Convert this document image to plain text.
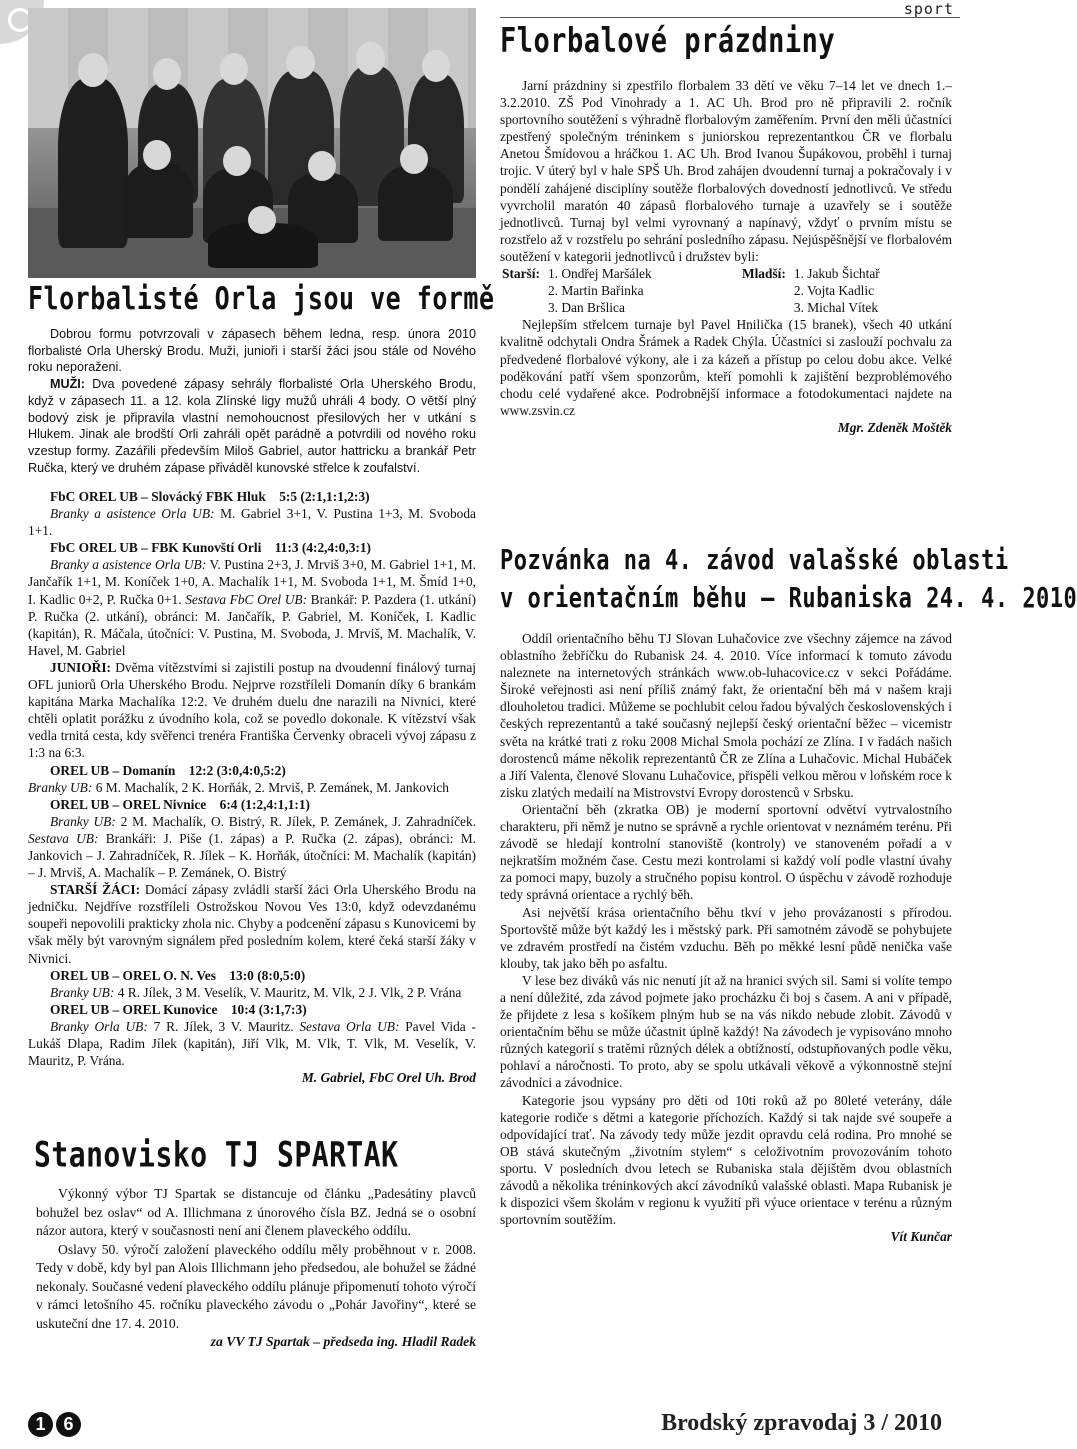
sport
Florbalisté Orla jsou ve formě

Dobrou formu potvrzovali v zápasech během ledna, resp. února 2010 florbalisté Orla Uherský Brodu. Muži, junioři i starší žáci jsou stále od Nového roku neporaženi.

MUŽI: Dva povedené zápasy sehrály florbalisté Orla Uherského Brodu, když v zápasech 11. a 12. kola Zlínské ligy mužů uhráli 4 body. O větší plný bodový zisk je připravila vlastní nemohoucnost přesilových her v utkání s Hlukem. Jinak ale brodští Orli zahráli opět parádně a potvrdili od nového roku vzestup formy. Zazářili především Miloš Gabriel, autor hattricku a brankář Petr Ručka, který ve druhém zápase přiváděl kunovské střelce k zoufalství.

FbC OREL UB – Slovácký FBK Hluk 5:5 (2:1,1:1,2:3)

Branky a asistence Orla UB: M. Gabriel 3+1, V. Pustina 1+3, M. Svoboda 1+1.

FbC OREL UB – FBK Kunovští Orli 11:3 (4:2,4:0,3:1)

Branky a asistence Orla UB: V. Pustina 2+3, J. Mrviš 3+0, M. Gabriel 1+1, M. Jančařík 1+1, M. Koníček 1+0, A. Machalík 1+1, M. Svoboda 1+1, M. Šmíd 1+0, I. Kadlic 0+2, P. Ručka 0+1. Sestava FbC Orel UB: Brankář: P. Pazdera (1. utkání) P. Ručka (2. utkání), obránci: M. Jančařík, P. Gabriel, M. Koníček, I. Kadlic (kapitán), R. Máčala, útočníci: V. Pustina, M. Svoboda, J. Mrviš, M. Machalík, V. Havel, M. Gabriel

JUNIOŘI: Dvěma vítězstvími si zajistili postup na dvoudenní finálový turnaj OFL juniorů Orla Uherského Brodu. Nejprve rozstříleli Domanín díky 6 brankám kapitána Marka Machalíka 12:2. Ve druhém duelu dne narazili na Nivnici, které chtěli oplatit porážku z úvodního kola, což se povedlo dokonale. K vítězství však vedla trnitá cesta, kdy svěřenci trenéra Františka Červenky obraceli vývoj zápasu z 1:3 na 6:3.

OREL UB – Domanín 12:2 (3:0,4:0,5:2)

Branky UB: 6 M. Machalík, 2 K. Horňák, 2. Mrviš, P. Zemánek, M. Jankovich

OREL UB – OREL Nivnice 6:4 (1:2,4:1,1:1)

Branky UB: 2 M. Machalík, O. Bistrý, R. Jílek, P. Zemánek, J. Zahradníček. Sestava UB: Brankáři: J. Piše (1. zápas) a P. Ručka (2. zápas), obránci: M. Jankovich – J. Zahradníček, R. Jílek – K. Horňák, útočníci: M. Machalík (kapitán) – J. Mrviš, A. Machalík – P. Zemánek, O. Bistrý

STARŠÍ ŽÁCI: Domácí zápasy zvládli starší žáci Orla Uherského Brodu na jedničku. Nejdříve rozstříleli Ostrožskou Novou Ves 13:0, když odevzdanému soupeři nepovolili prakticky zhola nic. Chyby a podcenění zápasu s Kunovicemi by však měly být varovným signálem před posledním kolem, které čeká starší žáky v Nivnici.

OREL UB – OREL O. N. Ves 13:0 (8:0,5:0)

Branky UB: 4 R. Jílek, 3 M. Veselík, V. Mauritz, M. Vlk, 2 J. Vlk, 2 P. Vrána

OREL UB – OREL Kunovice 10:4 (3:1,7:3)

Branky Orla UB: 7 R. Jílek, 3 V. Mauritz. Sestava Orla UB: Pavel Vida - Lukáš Dlapa, Radim Jílek (kapitán), Jiří Vlk, M. Vlk, T. Vlk, M. Veselík, V. Mauritz, P. Vrána.

M. Gabriel, FbC Orel Uh. Brod

Stanovisko TJ SPARTAK

Výkonný výbor TJ Spartak se distancuje od článku „Padesátiny plavců bohužel bez oslav“ od A. Illichmana z únorového čísla BZ. Jedná se o osobní názor autora, který v současnosti není ani členem plaveckého oddílu.

Oslavy 50. výročí založení plaveckého oddílu měly proběhnout v r. 2008. Tedy v době, kdy byl pan Alois Illichmann jeho předsedou, ale bohužel se žádné nekonaly. Současné vedení plaveckého oddílu plánuje připomenutí tohoto výročí v rámci letošního 45. ročníku plaveckého závodu o „Pohár Javořiny“, které se uskuteční dne 17. 4. 2010.

za VV TJ Spartak – předseda ing. Hladil Radek

Florbalové prázdniny

Jarní prázdniny si zpestřilo florbalem 33 dětí ve věku 7–14 let ve dnech 1.–3.2.2010. ZŠ Pod Vinohrady a 1. AC Uh. Brod pro ně připravili 2. ročník sportovního soutěžení s výhradně florbalovým zaměřením. První den měli účastníci zpestřený společným tréninkem s juniorskou reprezentantkou ČR ve florbalu Anetou Šmídovou a hráčkou 1. AC Uh. Brod Ivanou Šupákovou, proběhl i turnaj trojic. V úterý byl v hale SPŠ Uh. Brod zahájen dvoudenní turnaj a pokračovaly i v pondělí zahájené disciplíny soutěže florbalových dovedností jednotlivců. Ve středu vyvrcholil maratón 40 zápasů florbalového turnaje a uzavřely se i soutěže jednotlivců. Turnaj byl velmi vyrovnaný a napínavý, vždyť o prvním místu se rozstřelo až v rozstřelu po sehrání posledního zápasu. Nejúspěšnější ve florbalovém soutěžení v kategorii jednotlivců i družstev byli:

Starší:	1. Ondřej Maršálek	Mladší:	1. Jakub Šichtař
	2. Martin Bařinka		2. Vojta Kadlic
	3. Dan Bršlica		3. Michal Vítek

Nejlepším střelcem turnaje byl Pavel Hnilička (15 branek), všech 40 utkání kvalitně odchytali Ondra Šrámek a Radek Chýla. Účastníci si zaslouží pochvalu za předvedené florbalové výkony, ale i za kázeň a přístup po celou dobu akce. Velké poděkování patří všem sponzorům, kteří pomohli k zajištění bezproblémového chodu celé vydařené akce. Podrobnější informace a fotodokumentaci najdete na www.zsvin.cz

Mgr. Zdeněk Moštěk

Pozvánka na 4. závod valašské oblasti
v orientačním běhu – Rubaniska 24. 4. 2010

Oddíl orientačního běhu TJ Slovan Luhačovice zve všechny zájemce na závod oblastního žebříčku do Rubanisk 24. 4. 2010. Více informací k tomuto závodu naleznete na internetových stránkách www.ob-luhacovice.cz v sekci Pořádáme. Široké veřejnosti asi není příliš známý fakt, že orientační běh má v našem kraji dlouholetou tradici. Můžeme se pochlubit celou řadou bývalých československých i českých reprezentantů a také současný nejlepší český orientační běžec – vicemistr světa na krátké trati z roku 2008 Michal Smola pochází ze Zlína. I v řadách našich dorostenců máme několik reprezentantů ČR ze Zlína a Luhačovic. Michal Hubáček a Jiří Valenta, členové Slovanu Luhačovice, přispěli velkou měrou v loňském roce k zisku zlatých medailí na Mistrovství Evropy dorostenců v Srbsku.

Orientační běh (zkratka OB) je moderní sportovní odvětví vytrvalostního charakteru, při němž je nutno se správně a rychle orientovat v neznámém terénu. Při závodě se hledají kontrolní stanoviště (kontroly) ve stanoveném pořadí a v nejkratším možném čase. Cestu mezi kontrolami si každý volí podle vlastní úvahy za pomoci mapy, buzoly a stručného popisu kontrol. O úspěchu v závodě rozhoduje tedy správná orientace a rychlý běh.

Asi největší krása orientačního běhu tkví v jeho provázanosti s přírodou. Sportovště může být každý les i městský park. Při samotném závodě se pohybujete ve zdravém prostředí na čistém vzduchu. Běh po měkké lesní půdě nenička vaše klouby, tak jako běh po asfaltu.

V lese bez diváků vás nic nenutí jít až na hranici svých sil. Sami si volíte tempo a není důležité, zda závod pojmete jako procházku či boj s časem. A ani v případě, že přijdete z lesa s košíkem plným hub se na vás nikdo nebude zlobit. Závodů v orientačním běhu se může účastnit úplně každý! Na závodech je vypisováno mnoho různých kategorií s tratěmi různých délek a obtížností, odstupňovaných podle věku, pohlaví a náročnosti. To proto, aby se spolu utkávali věkově a výkonnostně stejní závodníci a závodnice.

Kategorie jsou vypsány pro děti od 10ti roků až po 80leté veterány, dále kategorie rodiče s dětmi a kategorie příchozích. Každý si tak najde své soupeře a odpovídající trať. Na závody tedy může jezdit opravdu celá rodina. Pro mnohé se OB stává skutečným „životním stylem“ s celoživotním provozováním tohoto sportu. V posledních dvou letech se Rubaniska stala dějištěm dvou oblastních závodů a několika tréninkových akcí závodníků valašské oblasti. Mapa Rubanisk je k dispozici všem školám v regionu k využití při výuce orientace v terénu a různým sportovním soutěžím.

Vít Kunčar

1 6	Brodský zpravodaj 3 / 2010
